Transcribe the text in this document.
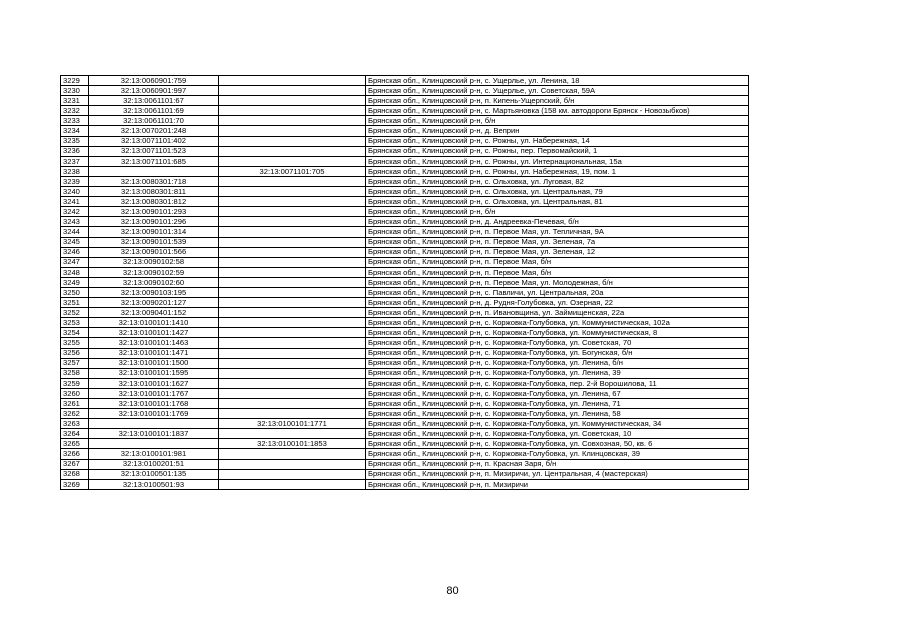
3229	32:13:0060901:759		Брянская обл., Клинцовский р-н, с. Ущерлье, ул. Ленина, 18
3230	32:13:0060901:997		Брянская обл., Клинцовский р-н, с. Ущерлье, ул. Советская, 59А
3231	32:13:0061101:67		Брянская обл., Клинцовский р-н, п. Кипень-Ущерпский, б/н
3232	32:13:0061101:69		Брянская обл., Клинцовский р-н, с. Мартьяновка (158 км. автодороги Брянск - Новозыбков)
3233	32:13:0061101:70		Брянская обл., Клинцовский р-н, б/н
3234	32:13:0070201:248		Брянская обл., Клинцовский р-н, д. Веприн
3235	32:13:0071101:402		Брянская обл., Клинцовский р-н, с. Рожны, ул. Набережная, 14
3236	32:13:0071101:523		Брянская обл., Клинцовский р-н, с. Рожны, пер. Первомайский, 1
3237	32:13:0071101:685		Брянская обл., Клинцовский р-н, с. Рожны, ул. Интернациональная, 15а
3238		32:13:0071101:705	Брянская обл., Клинцовский р-н, с. Рожны, ул. Набережная, 19, пом. 1
3239	32:13:0080301:718		Брянская обл., Клинцовский р-н, с. Ольховка, ул. Луговая, 82
3240	32:13:0080301:811		Брянская обл., Клинцовский р-н, с. Ольховка, ул. Центральная, 79
3241	32:13:0080301:812		Брянская обл., Клинцовский р-н, с. Ольховка, ул. Центральная, 81
3242	32:13:0090101:293		Брянская обл., Клинцовский р-н, б/н
3243	32:13:0090101:296		Брянская обл., Клинцовский р-н, д. Андреевка-Печевая, б/н
3244	32:13:0090101:314		Брянская обл., Клинцовский р-н, п. Первое Мая, ул. Тепличная, 9А
3245	32:13:0090101:539		Брянская обл., Клинцовский р-н, п. Первое Мая, ул. Зеленая, 7а
3246	32:13:0090101:566		Брянская обл., Клинцовский р-н, п. Первое Мая, ул. Зеленая, 12
3247	32:13:0090102:58		Брянская обл., Клинцовский р-н, п. Первое Мая, б/н
3248	32:13:0090102:59		Брянская обл., Клинцовский р-н, п. Первое Мая, б/н
3249	32:13:0090102:60		Брянская обл., Клинцовский р-н, п. Первое Мая, ул. Молодежная, б/н
3250	32:13:0090103:195		Брянская обл., Клинцовский р-н, с. Павличи, ул. Центральная, 20а
3251	32:13:0090201:127		Брянская обл., Клинцовский р-н, д. Рудня-Голубовка, ул. Озерная, 22
3252	32:13:0090401:152		Брянская обл., Клинцовский р-н, п. Ивановщина, ул. Займищенская, 22а
3253	32:13:0100101:1410		Брянская обл., Клинцовский р-н, с. Коржовка-Голубовка, ул. Коммунистическая, 102а
3254	32:13:0100101:1427		Брянская обл., Клинцовский р-н, с. Коржовка-Голубовка, ул. Коммунистическая, 8
3255	32:13:0100101:1463		Брянская обл., Клинцовский р-н, с. Коржовка-Голубовка, ул. Советская, 70
3256	32:13:0100101:1471		Брянская обл., Клинцовский р-н, с. Коржовка-Голубовка, ул. Богунская, б/н
3257	32:13:0100101:1500		Брянская обл., Клинцовский р-н, с. Коржовка-Голубовка, ул. Ленина, б/н
3258	32:13:0100101:1595		Брянская обл., Клинцовский р-н, с. Коржовка-Голубовка, ул. Ленина, 39
3259	32:13:0100101:1627		Брянская обл., Клинцовский р-н, с. Коржовка-Голубовка, пер. 2-й Ворошилова, 11
3260	32:13:0100101:1767		Брянская обл., Клинцовский р-н, с. Коржовка-Голубовка, ул. Ленина, 67
3261	32:13:0100101:1768		Брянская обл., Клинцовский р-н, с. Коржовка-Голубовка, ул. Ленина, 71
3262	32:13:0100101:1769		Брянская обл., Клинцовский р-н, с. Коржовка-Голубовка, ул. Ленина, 58
3263		32:13:0100101:1771	Брянская обл., Клинцовский р-н, с. Коржовка-Голубовка, ул. Коммунистическая, 34
3264	32:13:0100101:1837		Брянская обл., Клинцовский р-н, с. Коржовка-Голубовка, ул. Советская, 10
3265		32:13:0100101:1853	Брянская обл., Клинцовский р-н, с. Коржовка-Голубовка, ул. Совхозная, 50, кв. 6
3266	32:13:0100101:981		Брянская обл., Клинцовский р-н, с. Коржовка-Голубовка, ул. Клинцовская, 39
3267	32:13:0100201:51		Брянская обл., Клинцовский р-н, п. Красная Заря, б/н
3268	32:13:0100501:135		Брянская обл., Клинцовский р-н, п. Мизиричи, ул. Центральная, 4 (мастерская)
3269	32:13:0100501:93		Брянская обл., Клинцовский р-н, п. Мизиричи
80
